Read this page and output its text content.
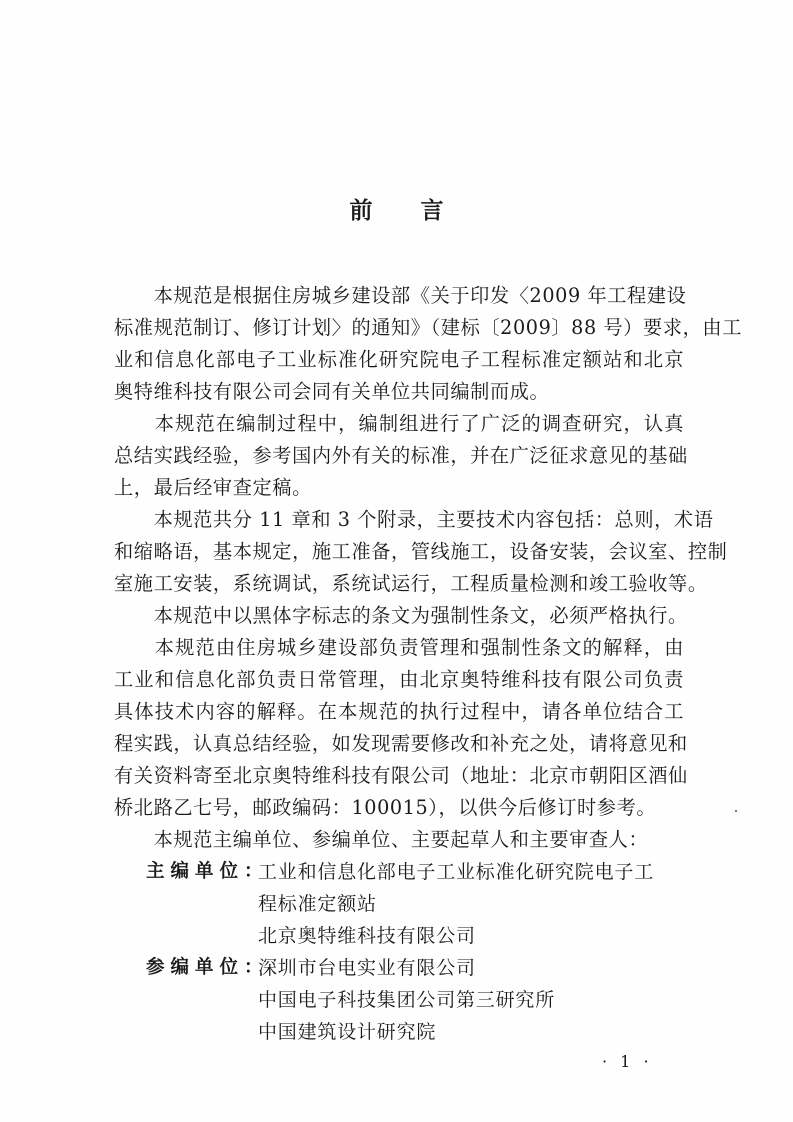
前 言
　　本规范是根据住房城乡建设部《关于印发〈2009 年工程建设
标准规范制订、修订计划〉的通知》（建标〔2009〕88 号）要求，由工
业和信息化部电子工业标准化研究院电子工程标准定额站和北京
奥特维科技有限公司会同有关单位共同编制而成。
　　本规范在编制过程中，编制组进行了广泛的调查研究，认真
总结实践经验，参考国内外有关的标准，并在广泛征求意见的基础
上，最后经审查定稿。
　　本规范共分 11 章和 3 个附录，主要技术内容包括：总则，术语
和缩略语，基本规定，施工准备，管线施工，设备安装，会议室、控制
室施工安装，系统调试，系统试运行，工程质量检测和竣工验收等。
　　本规范中以黑体字标志的条文为强制性条文，必须严格执行。
　　本规范由住房城乡建设部负责管理和强制性条文的解释，由
工业和信息化部负责日常管理，由北京奥特维科技有限公司负责
具体技术内容的解释。在本规范的执行过程中，请各单位结合工
程实践，认真总结经验，如发现需要修改和补充之处，请将意见和
有关资料寄至北京奥特维科技有限公司（地址：北京市朝阳区酒仙
桥北路乙七号，邮政编码：100015），以供今后修订时参考。
　　本规范主编单位、参编单位、主要起草人和主要审查人：
主编单位：
工业和信息化部电子工业标准化研究院电子工
程标准定额站
北京奥特维科技有限公司
参编单位：
深圳市台电实业有限公司
中国电子科技集团公司第三研究所
中国建筑设计研究院
· 1 ·
